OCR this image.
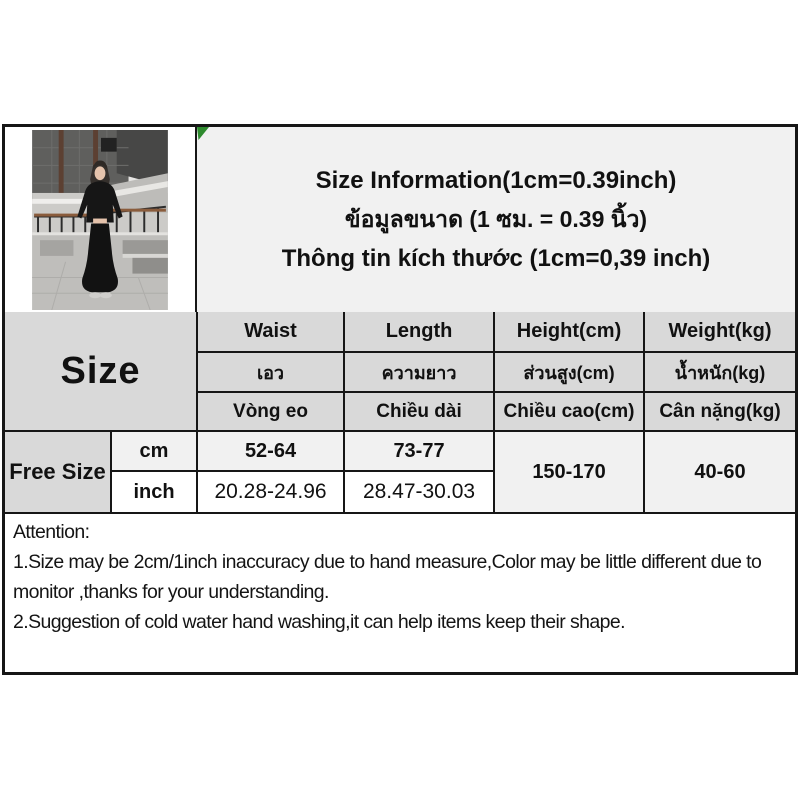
Size Information(1cm=0.39inch)
ข้อมูลขนาด (1 ซม. = 0.39 นิ้ว)
Thông tin kích thước (1cm=0,39 inch)
Size		Waist	Length	Height(cm)	Weight(kg)
		เอว	ความยาว	ส่วนสูง(cm)	น้ำหนัก(kg)
		Vòng eo	Chiều dài	Chiều cao(cm)	Cân nặng(kg)
Free Size	cm	52-64	73-77	150-170	40-60
	inch	20.28-24.96	28.47-30.03		

Attention:

1.Size may be 2cm/1inch inaccuracy due to hand measure,Color may be little different due to monitor ,thanks for your understanding.

2.Suggestion of cold water hand washing,it can help items keep their shape.
